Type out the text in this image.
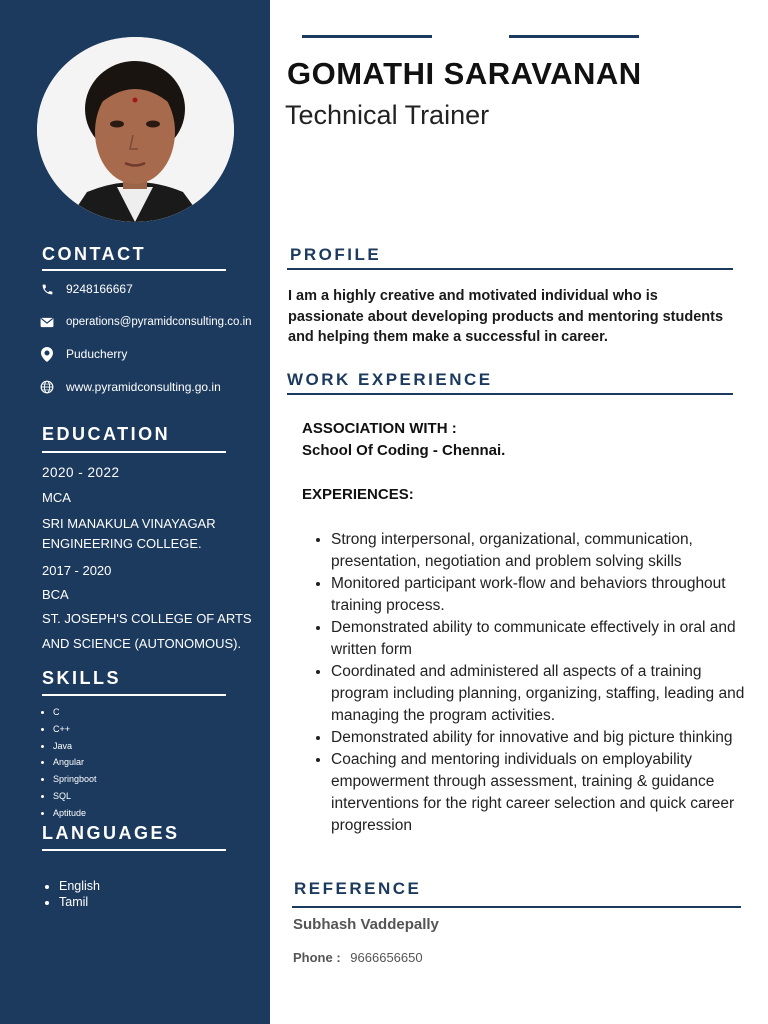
CONTACT
9248166667
operations@pyramidconsulting.co.in
Puducherry
www.pyramidconsulting.go.in
EDUCATION
2020 - 2022
MCA
SRI MANAKULA VINAYAGAR
ENGINEERING COLLEGE.
2017 - 2020
BCA
ST. JOSEPH'S COLLEGE OF ARTS
AND SCIENCE (AUTONOMOUS).
SKILLS
• C
• C++
• Java
• Angular
• Springboot
• SQL
• Aptitude
LANGUAGES
• English
• Tamil
GOMATHI SARAVANAN
Technical Trainer
PROFILE

I am a highly creative and motivated individual who is passionate about developing products and mentoring students and helping them make a successful in career.

WORK EXPERIENCE
ASSOCIATION WITH :
School Of Coding - Chennai.
EXPERIENCES:
• Strong interpersonal, organizational, communication, presentation, negotiation and problem solving skills
• Monitored participant work-flow and behaviors throughout training process.
• Demonstrated ability to communicate effectively in oral and written form
• Coordinated and administered all aspects of a training program including planning, organizing, staffing, leading and managing the program activities.
• Demonstrated ability for innovative and big picture thinking
• Coaching and mentoring individuals on employability empowerment through assessment, training & guidance interventions for the right career selection and quick career progression
REFERENCE
Subhash Vaddepally
Phone : 9666656650
